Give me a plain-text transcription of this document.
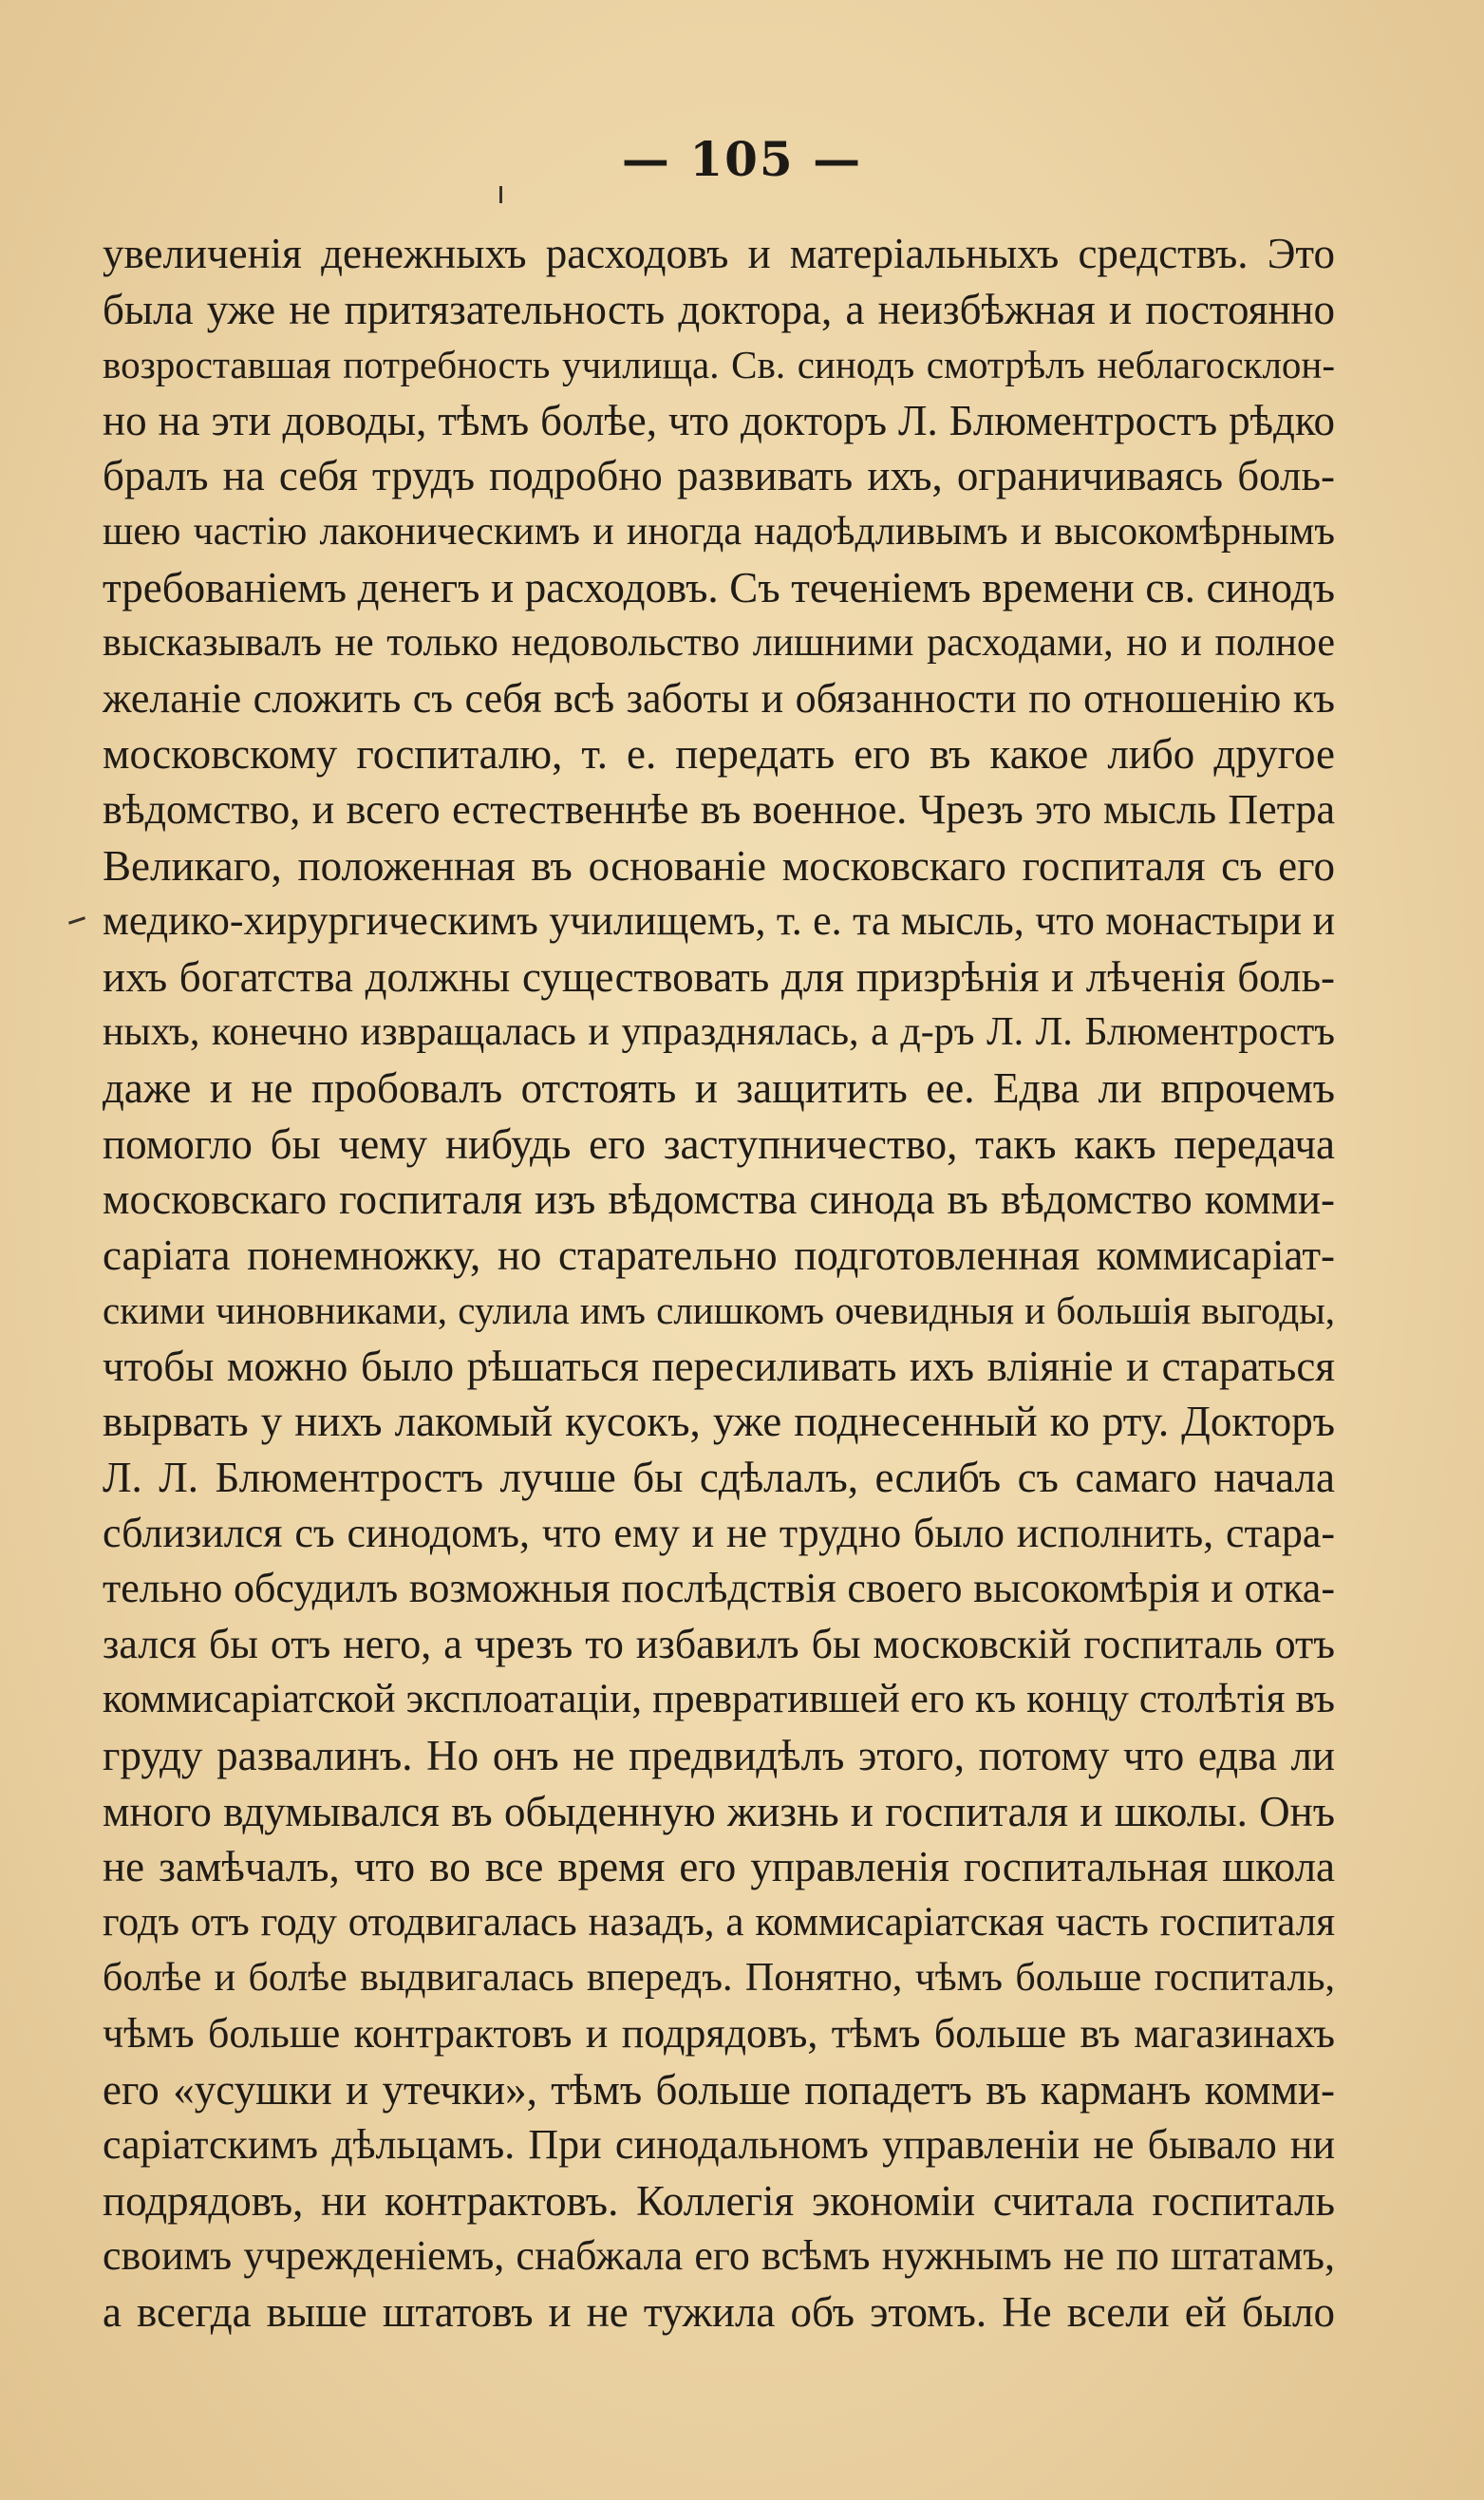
— 105 —
увеличенія денежныхъ расходовъ и матеріальныхъ средствъ. Это
была уже не притязательность доктора, а неизбѣжная и постоянно
возроставшая потребность училища. Св. синодъ смотрѣлъ неблагосклон-
но на эти доводы, тѣмъ болѣе, что докторъ Л. Блюментростъ рѣдко
бралъ на себя трудъ подробно развивать ихъ, ограничиваясь боль-
шею частію лаконическимъ и иногда надоѣдливымъ и высокомѣрнымъ
требованіемъ денегъ и расходовъ. Съ теченіемъ времени св. синодъ
высказывалъ не только недовольство лишними расходами, но и полное
желаніе сложить съ себя всѣ заботы и обязанности по отношенію къ
московскому госпиталю, т. е. передать его въ какое либо другое
вѣдомство, и всего естественнѣе въ военное. Чрезъ это мысль Петра
Великаго, положенная въ основаніе московскаго госпиталя съ его
медико-хирургическимъ училищемъ, т. е. та мысль, что монастыри и
ихъ богатства должны существовать для призрѣнія и лѣченія боль-
ныхъ, конечно извращалась и упразднялась, а д-ръ Л. Л. Блюментростъ
даже и не пробовалъ отстоять и защитить ее. Едва ли впрочемъ
помогло бы чему нибудь его заступничество, такъ какъ передача
московскаго госпиталя изъ вѣдомства синода въ вѣдомство комми-
саріата понемножку, но старательно подготовленная коммисаріат-
скими чиновниками, сулила имъ слишкомъ очевидныя и большія выгоды,
чтобы можно было рѣшаться пересиливать ихъ вліяніе и стараться
вырвать у нихъ лакомый кусокъ, уже поднесенный ко рту. Докторъ
Л. Л. Блюментростъ лучше бы сдѣлалъ, еслибъ съ самаго начала
сблизился съ синодомъ, что ему и не трудно было исполнить, стара-
тельно обсудилъ возможныя послѣдствія своего высокомѣрія и отка-
зался бы отъ него, а чрезъ то избавилъ бы московскій госпиталь отъ
коммисаріатской эксплоатаціи, превратившей его къ концу столѣтія въ
груду развалинъ. Но онъ не предвидѣлъ этого, потому что едва ли
много вдумывался въ обыденную жизнь и госпиталя и школы. Онъ
не замѣчалъ, что во все время его управленія госпитальная школа
годъ отъ году отодвигалась назадъ, а коммисаріатская часть госпиталя
болѣе и болѣе выдвигалась впередъ. Понятно, чѣмъ больше госпиталь,
чѣмъ больше контрактовъ и подрядовъ, тѣмъ больше въ магазинахъ
его «усушки и утечки», тѣмъ больше попадетъ въ карманъ комми-
саріатскимъ дѣльцамъ. При синодальномъ управленіи не бывало ни
подрядовъ, ни контрактовъ. Коллегія экономіи считала госпиталь
своимъ учрежденіемъ, снабжала его всѣмъ нужнымъ не по штатамъ,
а всегда выше штатовъ и не тужила объ этомъ. Не всели ей было
